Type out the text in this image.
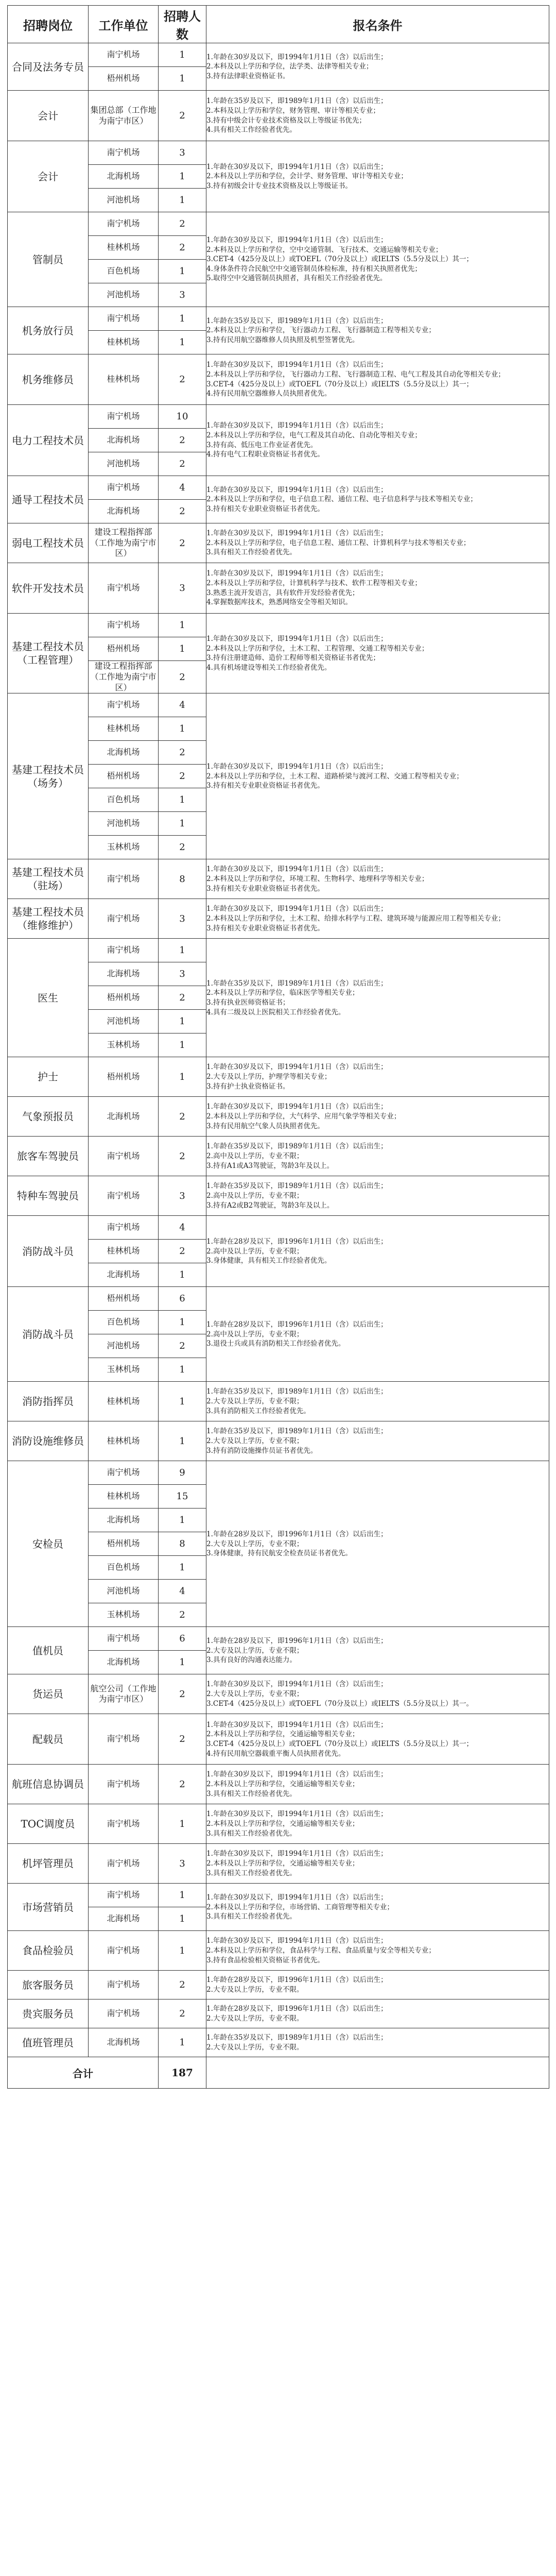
招聘岗位	工作单位	招聘人数	报名条件
合同及法务专员	南宁机场	1	1.年龄在30岁及以下，即1994年1月1日（含）以后出生；
2.本科及以上学历和学位，法学类、法律等相关专业；
3.持有法律职业资格证书。

	梧州机场	1	
会计	集团总部（工作地为南宁市区）	2	1.年龄在35岁及以下，即1989年1月1日（含）以后出生；
2.本科及以上学历和学位，财务管理、审计等相关专业；
3.持有中级会计专业技术资格及以上等级证书优先；
4.具有相关工作经验者优先。

会计	南宁机场	3	1.年龄在30岁及以下，即1994年1月1日（含）以后出生；
2.本科及以上学历和学位，会计学、财务管理、审计等相关专业；
3.持有初级会计专业技术资格及以上等级证书。

	北海机场	1	
	河池机场	1	
管制员	南宁机场	2	1.年龄在30岁及以下，即1994年1月1日（含）以后出生；
2.本科及以上学历和学位，空中交通管制、飞行技术、交通运输等相关专业；
3.CET-4（425分及以上）或TOEFL（70分及以上）或IELTS（5.5分及以上）其一；
4.身体条件符合民航空中交通管制员体检标准，持有相关执照者优先；
5.取得空中交通管制员执照者，具有相关工作经验者优先。

	桂林机场	2	
	百色机场	1	
	河池机场	3	
机务放行员	南宁机场	1	1.年龄在35岁及以下，即1989年1月1日（含）以后出生；
2.本科及以上学历和学位，飞行器动力工程、飞行器制造工程等相关专业；
3.持有民用航空器维修人员执照及机型签署优先。

	桂林机场	1	
机务维修员	桂林机场	2	1.年龄在30岁及以下，即1994年1月1日（含）以后出生；
2.本科及以上学历和学位，飞行器动力工程、飞行器制造工程、电气工程及其自动化等相关专业；
3.CET-4（425分及以上）或TOEFL（70分及以上）或IELTS（5.5分及以上）其一；
4.持有民用航空器维修人员执照者优先。

电力工程技术员	南宁机场	10	1.年龄在30岁及以下，即1994年1月1日（含）以后出生；
2.本科及以上学历和学位，电气工程及其自动化、自动化等相关专业；
3.持有高、低压电工作业证者优先。
4.持有电气工程职业资格证书者优先。

	北海机场	2	
	河池机场	2	
通导工程技术员	南宁机场	4	1.年龄在30岁及以下，即1994年1月1日（含）以后出生；
2.本科及以上学历和学位，电子信息工程、通信工程、电子信息科学与技术等相关专业；
3.持有相关专业职业资格证书者优先。

	北海机场	2	
弱电工程技术员	建设工程指挥部（工作地为南宁市区）	2	1.年龄在30岁及以下，即1994年1月1日（含）以后出生；
2.本科及以上学历和学位，电子信息工程、通信工程、计算机科学与技术等相关专业；
3.具有相关工作经验者优先。

软件开发技术员	南宁机场	3	1.年龄在30岁及以下，即1994年1月1日（含）以后出生；
2.本科及以上学历和学位，计算机科学与技术、软件工程等相关专业；
3.熟悉主流开发语言，具有软件开发经验者优先；
4.掌握数据库技术，熟悉网络安全等相关知识。

基建工程技术员（工程管理）	南宁机场	1	1.年龄在30岁及以下，即1994年1月1日（含）以后出生；
2.本科及以上学历和学位，土木工程、工程管理、交通工程等相关专业；
3.持有注册建造师、造价工程师等相关资格证书者优先；
4.具有机场建设等相关工作经验者优先。

	梧州机场	1	
	建设工程指挥部（工作地为南宁市区）	2	
基建工程技术员（场务）	南宁机场	4	1.年龄在30岁及以下，即1994年1月1日（含）以后出生；
2.本科及以上学历和学位，土木工程、道路桥梁与渡河工程、交通工程等相关专业；
3.持有相关专业职业资格证书者优先。

	桂林机场	1	
	北海机场	2	
	梧州机场	2	
	百色机场	1	
	河池机场	1	
	玉林机场	2	
基建工程技术员（驻场）	南宁机场	8	1.年龄在30岁及以下，即1994年1月1日（含）以后出生；
2.本科及以上学历和学位，环境工程、生物科学、地理科学等相关专业；
3.持有相关专业职业资格证书者优先。

基建工程技术员（维修维护）	南宁机场	3	1.年龄在30岁及以下，即1994年1月1日（含）以后出生；
2.本科及以上学历和学位，土木工程、给排水科学与工程、建筑环境与能源应用工程等相关专业；
3.持有相关专业职业资格证书者优先。

医生	南宁机场	1	1.年龄在35岁及以下，即1989年1月1日（含）以后出生；
2.本科及以上学历和学位，临床医学等相关专业；
3.持有执业医师资格证书；
4.具有二级及以上医院相关工作经验者优先。

	北海机场	3	
	梧州机场	2	
	河池机场	1	
	玉林机场	1	
护士	梧州机场	1	1.年龄在30岁及以下，即1994年1月1日（含）以后出生；
2.大专及以上学历，护理学等相关专业；
3.持有护士执业资格证书。

气象预报员	北海机场	2	1.年龄在30岁及以下，即1994年1月1日（含）以后出生；
2.本科及以上学历和学位，大气科学、应用气象学等相关专业；
3.持有民用航空气象人员执照者优先。

旅客车驾驶员	南宁机场	2	1.年龄在35岁及以下，即1989年1月1日（含）以后出生；
2.高中及以上学历，专业不限；
3.持有A1或A3驾驶证，驾龄3年及以上。

特种车驾驶员	南宁机场	3	1.年龄在35岁及以下，即1989年1月1日（含）以后出生；
2.高中及以上学历，专业不限；
3.持有A2或B2驾驶证，驾龄3年及以上。

消防战斗员	南宁机场	4	1.年龄在28岁及以下，即1996年1月1日（含）以后出生；
2.高中及以上学历，专业不限；
3.身体健康，具有相关工作经验者优先。

	桂林机场	2	
	北海机场	1	
消防战斗员	梧州机场	6	1.年龄在28岁及以下，即1996年1月1日（含）以后出生；
2.高中及以上学历，专业不限；
3.退役士兵或具有消防相关工作经验者优先。

	百色机场	1	
	河池机场	2	
	玉林机场	1	
消防指挥员	桂林机场	1	1.年龄在35岁及以下，即1989年1月1日（含）以后出生；
2.大专及以上学历，专业不限；
3.具有消防相关工作经验者优先。

消防设施维修员	桂林机场	1	1.年龄在35岁及以下，即1989年1月1日（含）以后出生；
2.大专及以上学历，专业不限；
3.持有消防设施操作员证书者优先。

安检员	南宁机场	9	1.年龄在28岁及以下，即1996年1月1日（含）以后出生；
2.大专及以上学历，专业不限；
3.身体健康，持有民航安全检查员证书者优先。

	桂林机场	15	
	北海机场	1	
	梧州机场	8	
	百色机场	1	
	河池机场	4	
	玉林机场	2	
值机员	南宁机场	6	1.年龄在28岁及以下，即1996年1月1日（含）以后出生；
2.大专及以上学历，专业不限；
3.具有良好的沟通表达能力。

	北海机场	1	
货运员	航空公司（工作地为南宁市区）	2	1.年龄在30岁及以下，即1994年1月1日（含）以后出生；
2.大专及以上学历，专业不限；
3.CET-4（425分及以上）或TOEFL（70分及以上）或IELTS（5.5分及以上）其一。

配载员	南宁机场	2	1.年龄在30岁及以下，即1994年1月1日（含）以后出生；
2.本科及以上学历和学位，交通运输等相关专业；
3.CET-4（425分及以上）或TOEFL（70分及以上）或IELTS（5.5分及以上）其一；
4.持有民用航空器载重平衡人员执照者优先。

航班信息协调员	南宁机场	2	1.年龄在30岁及以下，即1994年1月1日（含）以后出生；
2.本科及以上学历和学位，交通运输等相关专业；
3.具有相关工作经验者优先。

TOC调度员	南宁机场	1	1.年龄在30岁及以下，即1994年1月1日（含）以后出生；
2.本科及以上学历和学位，交通运输等相关专业；
3.具有相关工作经验者优先。

机坪管理员	南宁机场	3	1.年龄在30岁及以下，即1994年1月1日（含）以后出生；
2.本科及以上学历和学位，交通运输等相关专业；
3.具有相关工作经验者优先。

市场营销员	南宁机场	1	1.年龄在30岁及以下，即1994年1月1日（含）以后出生；
2.本科及以上学历和学位，市场营销、工商管理等相关专业；
3.具有相关工作经验者优先。

	北海机场	1	
食品检验员	南宁机场	1	1.年龄在30岁及以下，即1994年1月1日（含）以后出生；
2.本科及以上学历和学位，食品科学与工程、食品质量与安全等相关专业；
3.持有食品检验相关资格证书者优先。

旅客服务员	南宁机场	2	1.年龄在28岁及以下，即1996年1月1日（含）以后出生；
2.大专及以上学历，专业不限。

贵宾服务员	南宁机场	2	1.年龄在28岁及以下，即1996年1月1日（含）以后出生；
2.大专及以上学历，专业不限。

值班管理员	北海机场	1	1.年龄在35岁及以下，即1989年1月1日（含）以后出生；
2.大专及以上学历，专业不限。

合计		187	
